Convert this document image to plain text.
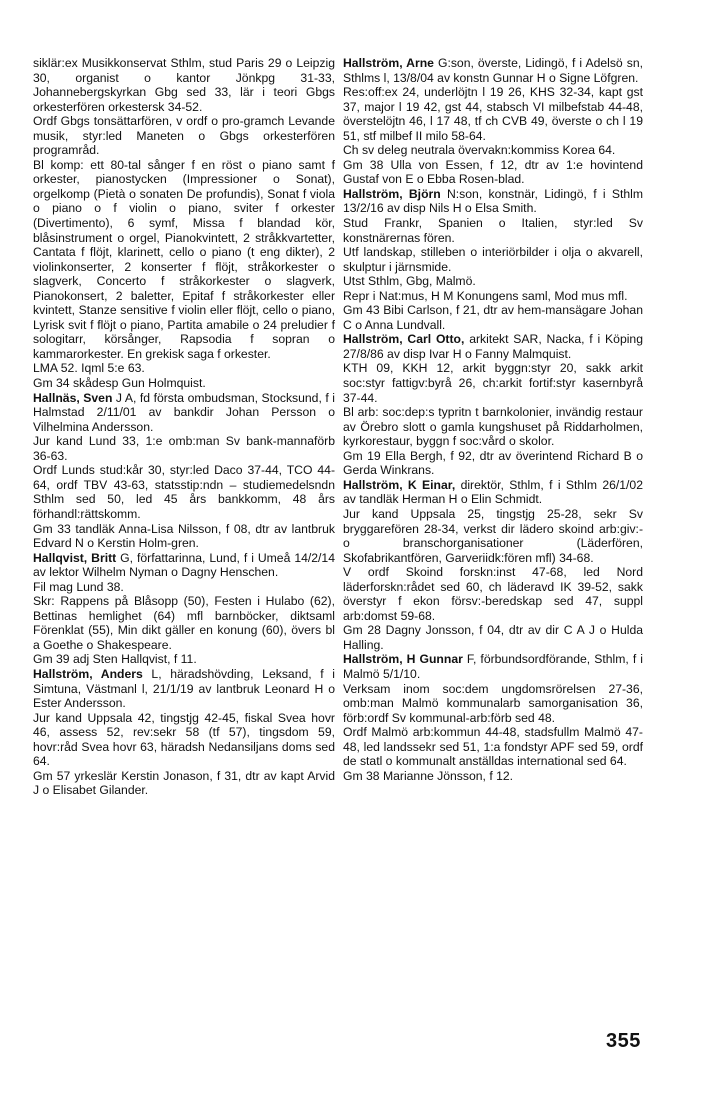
siklär:ex Musikkonservat Sthlm, stud Paris 29 o Leipzig 30, organist o kantor Jönkpg 31-33, Johannebergskyrkan Gbg sed 33, lär i teori Gbgs orkesterfören orkestersk 34-52.

Ordf Gbgs tonsättarfören, v ordf o pro-gramch Levande musik, styr:led Maneten o Gbgs orkesterfören programråd.

Bl komp: ett 80-tal sånger f en röst o piano samt f orkester, pianostycken (Impressioner o Sonat), orgelkomp (Pietà o sonaten De profundis), Sonat f viola o piano o f violin o piano, sviter f orkester (Divertimento), 6 symf, Missa f blandad kör, blåsinstrument o orgel, Pianokvintett, 2 stråkkvartetter, Cantata f flöjt, klarinett, cello o piano (t eng dikter), 2 violinkonserter, 2 konserter f flöjt, stråkorkester o slagverk, Concerto f stråkorkester o slagverk, Pianokonsert, 2 baletter, Epitaf f stråkorkester eller kvintett, Stanze sensitive f violin eller flöjt, cello o piano, Lyrisk svit f flöjt o piano, Partita amabile o 24 preludier f sologitarr, körsånger, Rapsodia f sopran o kammarorkester. En grekisk saga f orkester.

LMA 52. Iqml 5:e 63.

Gm 34 skådesp Gun Holmquist.

Hallnäs, Sven J A, fd första ombudsman, Stocksund, f i Halmstad 2/11/01 av bankdir Johan Persson o Vilhelmina Andersson.

Jur kand Lund 33, 1:e omb:man Sv bank-mannaförb 36-63.

Ordf Lunds stud:kår 30, styr:led Daco 37-44, TCO 44-64, ordf TBV 43-63, statsstip:ndn – studiemedelsndn Sthlm sed 50, led 45 års bankkomm, 48 års förhandl:rättskomm.

Gm 33 tandläk Anna-Lisa Nilsson, f 08, dtr av lantbruk Edvard N o Kerstin Holm-gren.

Hallqvist, Britt G, författarinna, Lund, f i Umeå 14/2/14 av lektor Wilhelm Nyman o Dagny Henschen.

Fil mag Lund 38.

Skr: Rappens på Blåsopp (50), Festen i Hulabo (62), Bettinas hemlighet (64) mfl barnböcker, diktsaml Förenklat (55), Min dikt gäller en konung (60), övers bl a Goethe o Shakespeare.

Gm 39 adj Sten Hallqvist, f 11.

Hallström, Anders L, häradshövding, Leksand, f i Simtuna, Västmanl l, 21/1/19 av lantbruk Leonard H o Ester Andersson.

Jur kand Uppsala 42, tingstjg 42-45, fiskal Svea hovr 46, assess 52, rev:sekr 58 (tf 57), tingsdom 59, hovr:råd Svea hovr 63, häradsh Nedansiljans doms sed 64.

Gm 57 yrkeslär Kerstin Jonason, f 31, dtr av kapt Arvid J o Elisabet Gilander.

Hallström, Arne G:son, överste, Lidingö, f i Adelsö sn, Sthlms l, 13/8/04 av konstn Gunnar H o Signe Löfgren.

Res:off:ex 24, underlöjtn l 19 26, KHS 32-34, kapt gst 37, major l 19 42, gst 44, stabsch VI milbefstab 44-48, överstelöjtn 46, l 17 48, tf ch CVB 49, överste o ch l 19 51, stf milbef II milo 58-64.

Ch sv deleg neutrala övervakn:kommiss Korea 64.

Gm 38 Ulla von Essen, f 12, dtr av 1:e hovintend Gustaf von E o Ebba Rosen-blad.

Hallström, Björn N:son, konstnär, Lidingö, f i Sthlm 13/2/16 av disp Nils H o Elsa Smith.

Stud Frankr, Spanien o Italien, styr:led Sv konstnärernas fören.

Utf landskap, stilleben o interiörbilder i olja o akvarell, skulptur i järnsmide.

Utst Sthlm, Gbg, Malmö.

Repr i Nat:mus, H M Konungens saml, Mod mus mfl.

Gm 43 Bibi Carlson, f 21, dtr av hem-mansägare Johan C o Anna Lundvall.

Hallström, Carl Otto, arkitekt SAR, Nacka, f i Köping 27/8/86 av disp Ivar H o Fanny Malmquist.

KTH 09, KKH 12, arkit byggn:styr 20, sakk arkit soc:styr fattigv:byrå 26, ch:arkit fortif:styr kasernbyrå 37-44.

Bl arb: soc:dep:s typritn t barnkolonier, invändig restaur av Örebro slott o gamla kungshuset på Riddarholmen, kyrkorestaur, byggn f soc:vård o skolor.

Gm 19 Ella Bergh, f 92, dtr av överintend Richard B o Gerda Winkrans.

Hallström, K Einar, direktör, Sthlm, f i Sthlm 26/1/02 av tandläk Herman H o Elin Schmidt.

Jur kand Uppsala 25, tingstjg 25-28, sekr Sv bryggarefören 28-34, verkst dir lädero skoind arb:giv:- o branschorganisationer (Läderfören, Skofabrikantfören, Garveriidk:fören mfl) 34-68.

V ordf Skoind forskn:inst 47-68, led Nord läderforskn:rådet sed 60, ch läderavd IK 39-52, sakk överstyr f ekon försv:-beredskap sed 47, suppl arb:domst 59-68.

Gm 28 Dagny Jonsson, f 04, dtr av dir C A J o Hulda Halling.

Hallström, H Gunnar F, förbundsordförande, Sthlm, f i Malmö 5/1/10.

Verksam inom soc:dem ungdomsrörelsen 27-36, omb:man Malmö kommunalarb samorganisation 36, förb:ordf Sv kommunal-arb:förb sed 48.

Ordf Malmö arb:kommun 44-48, stadsfullm Malmö 47-48, led landssekr sed 51, 1:a fondstyr APF sed 59, ordf de statl o kommunalt anställdas international sed 64.

Gm 38 Marianne Jönsson, f 12.

355
